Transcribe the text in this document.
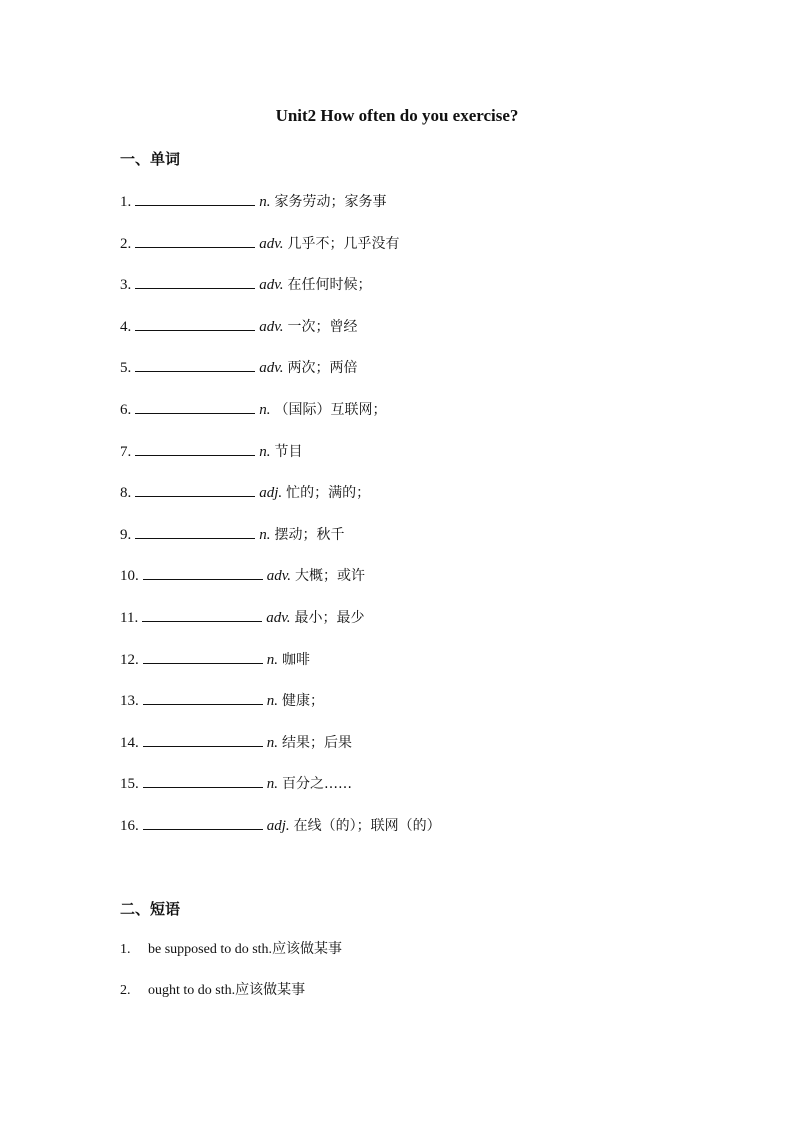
Unit2 How often do you exercise?
一、单词
1.	n. 家务劳动；家务事
2.	adv. 几乎不；几乎没有
3.	adv. 在任何时候；
4.	adv. 一次；曾经
5.	adv. 两次；两倍
6.	n. （国际）互联网；
7.	n. 节目
8.	adj. 忙的；满的；
9.	n. 摆动；秋千
10.	adv. 大概；或许
11.	adv. 最小；最少
12.	n. 咖啡
13.	n. 健康；
14.	n. 结果；后果
15.	n. 百分之……
16.	adj. 在线（的）；联网（的）
二、短语
1. be supposed to do sth.应该做某事
2. ought to do sth.应该做某事
